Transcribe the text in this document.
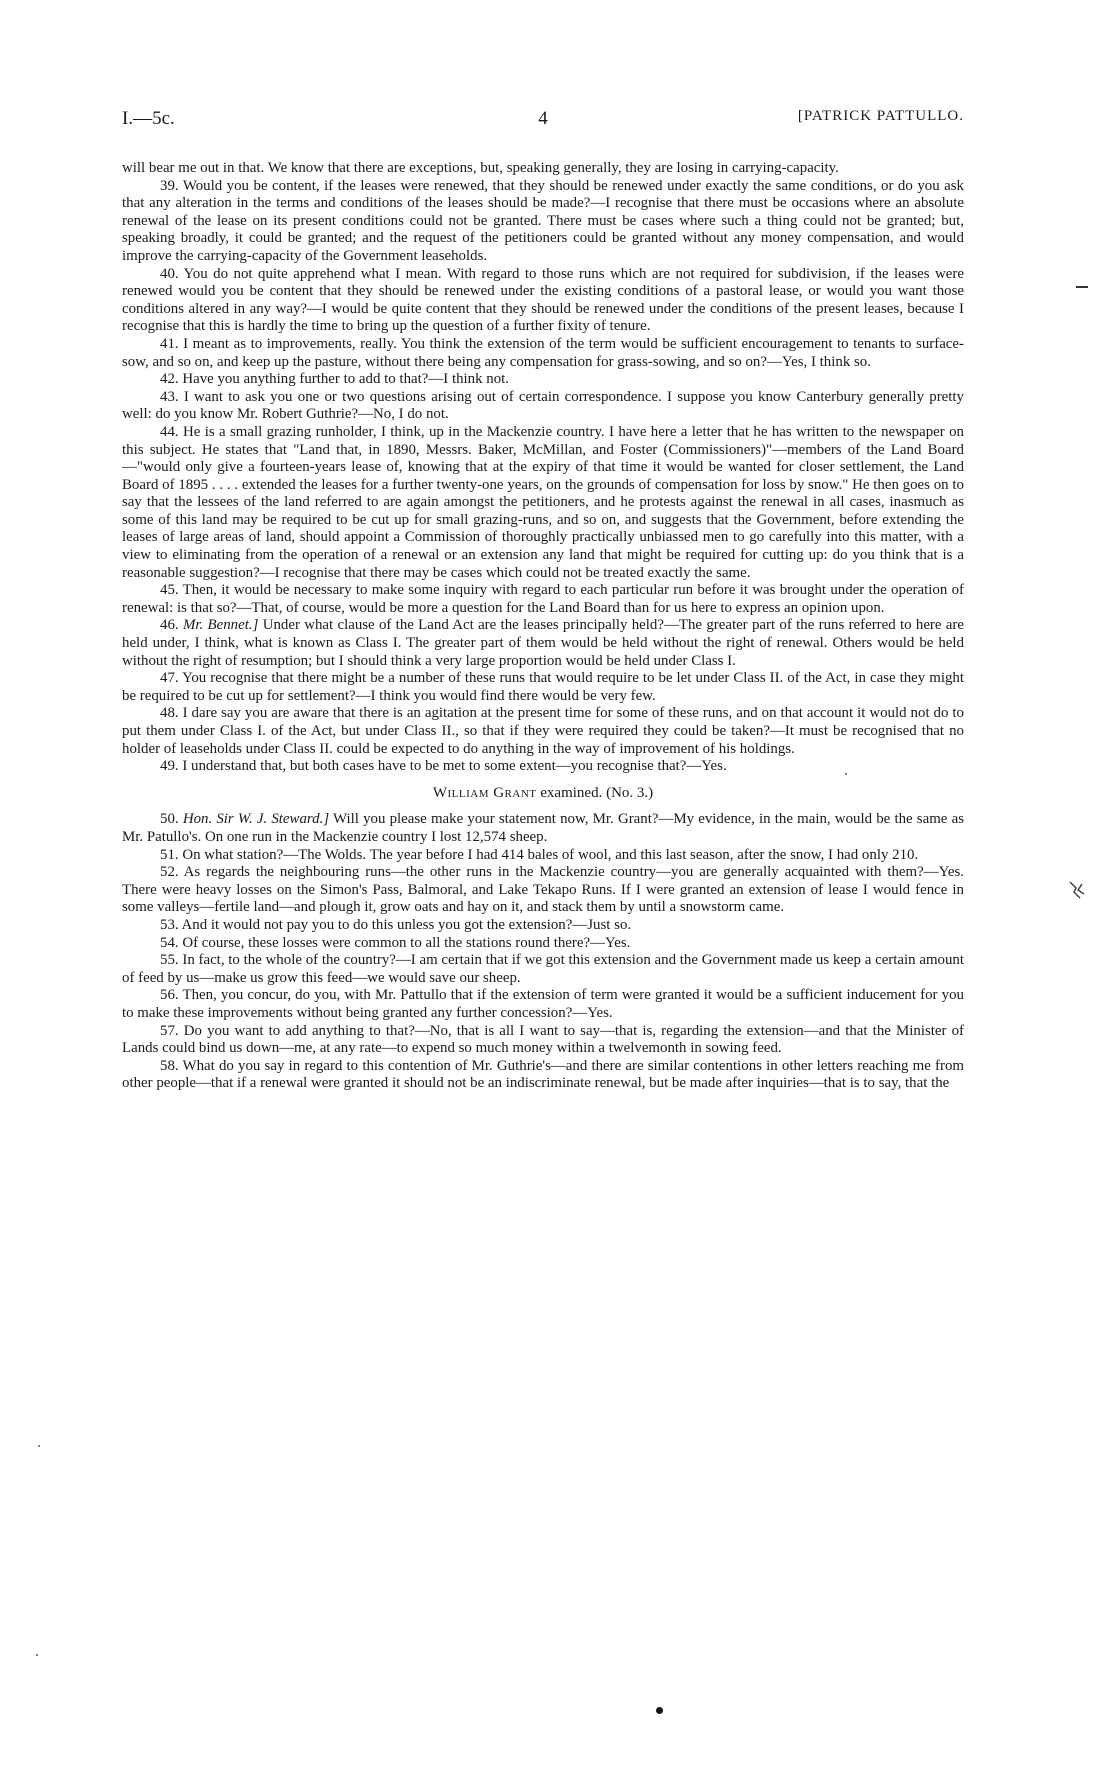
I.—5c.	4	[PATRICK PATTULLO.

will bear me out in that. We know that there are exceptions, but, speaking generally, they are losing in carrying-capacity.

39. Would you be content, if the leases were renewed, that they should be renewed under exactly the same conditions, or do you ask that any alteration in the terms and conditions of the leases should be made?—I recognise that there must be occasions where an absolute renewal of the lease on its present conditions could not be granted. There must be cases where such a thing could not be granted; but, speaking broadly, it could be granted; and the request of the petitioners could be granted without any money compensation, and would improve the carrying-capacity of the Government leaseholds.

40. You do not quite apprehend what I mean. With regard to those runs which are not required for subdivision, if the leases were renewed would you be content that they should be renewed under the existing conditions of a pastoral lease, or would you want those conditions altered in any way?—I would be quite content that they should be renewed under the conditions of the present leases, because I recognise that this is hardly the time to bring up the question of a further fixity of tenure.

41. I meant as to improvements, really. You think the extension of the term would be sufficient encouragement to tenants to surface-sow, and so on, and keep up the pasture, without there being any compensation for grass-sowing, and so on?—Yes, I think so.

42. Have you anything further to add to that?—I think not.

43. I want to ask you one or two questions arising out of certain correspondence. I suppose you know Canterbury generally pretty well: do you know Mr. Robert Guthrie?—No, I do not.

44. He is a small grazing runholder, I think, up in the Mackenzie country. I have here a letter that he has written to the newspaper on this subject. He states that "Land that, in 1890, Messrs. Baker, McMillan, and Foster (Commissioners)"—members of the Land Board—"would only give a fourteen-years lease of, knowing that at the expiry of that time it would be wanted for closer settlement, the Land Board of 1895 . . . . extended the leases for a further twenty-one years, on the grounds of compensation for loss by snow." He then goes on to say that the lessees of the land referred to are again amongst the petitioners, and he protests against the renewal in all cases, inasmuch as some of this land may be required to be cut up for small grazing-runs, and so on, and suggests that the Government, before extending the leases of large areas of land, should appoint a Commission of thoroughly practically unbiassed men to go carefully into this matter, with a view to eliminating from the operation of a renewal or an extension any land that might be required for cutting up: do you think that is a reasonable suggestion?—I recognise that there may be cases which could not be treated exactly the same.

45. Then, it would be necessary to make some inquiry with regard to each particular run before it was brought under the operation of renewal: is that so?—That, of course, would be more a question for the Land Board than for us here to express an opinion upon.

46. Mr. Bennet.] Under what clause of the Land Act are the leases principally held?—The greater part of the runs referred to here are held under, I think, what is known as Class I. The greater part of them would be held without the right of renewal. Others would be held without the right of resumption; but I should think a very large proportion would be held under Class I.

47. You recognise that there might be a number of these runs that would require to be let under Class II. of the Act, in case they might be required to be cut up for settlement?—I think you would find there would be very few.

48. I dare say you are aware that there is an agitation at the present time for some of these runs, and on that account it would not do to put them under Class I. of the Act, but under Class II., so that if they were required they could be taken?—It must be recognised that no holder of leaseholds under Class II. could be expected to do anything in the way of improvement of his holdings.

49. I understand that, but both cases have to be met to some extent—you recognise that?—Yes.

William Grant examined. (No. 3.)

50. Hon. Sir W. J. Steward.] Will you please make your statement now, Mr. Grant?—My evidence, in the main, would be the same as Mr. Patullo's. On one run in the Mackenzie country I lost 12,574 sheep.

51. On what station?—The Wolds. The year before I had 414 bales of wool, and this last season, after the snow, I had only 210.

52. As regards the neighbouring runs—the other runs in the Mackenzie country—you are generally acquainted with them?—Yes. There were heavy losses on the Simon's Pass, Balmoral, and Lake Tekapo Runs. If I were granted an extension of lease I would fence in some valleys—fertile land—and plough it, grow oats and hay on it, and stack them by until a snowstorm came.

53. And it would not pay you to do this unless you got the extension?—Just so.

54. Of course, these losses were common to all the stations round there?—Yes.

55. In fact, to the whole of the country?—I am certain that if we got this extension and the Government made us keep a certain amount of feed by us—make us grow this feed—we would save our sheep.

56. Then, you concur, do you, with Mr. Pattullo that if the extension of term were granted it would be a sufficient inducement for you to make these improvements without being granted any further concession?—Yes.

57. Do you want to add anything to that?—No, that is all I want to say—that is, regarding the extension—and that the Minister of Lands could bind us down—me, at any rate—to expend so much money within a twelvemonth in sowing feed.

58. What do you say in regard to this contention of Mr. Guthrie's—and there are similar contentions in other letters reaching me from other people—that if a renewal were granted it should not be an indiscriminate renewal, but be made after inquiries—that is to say, that the
